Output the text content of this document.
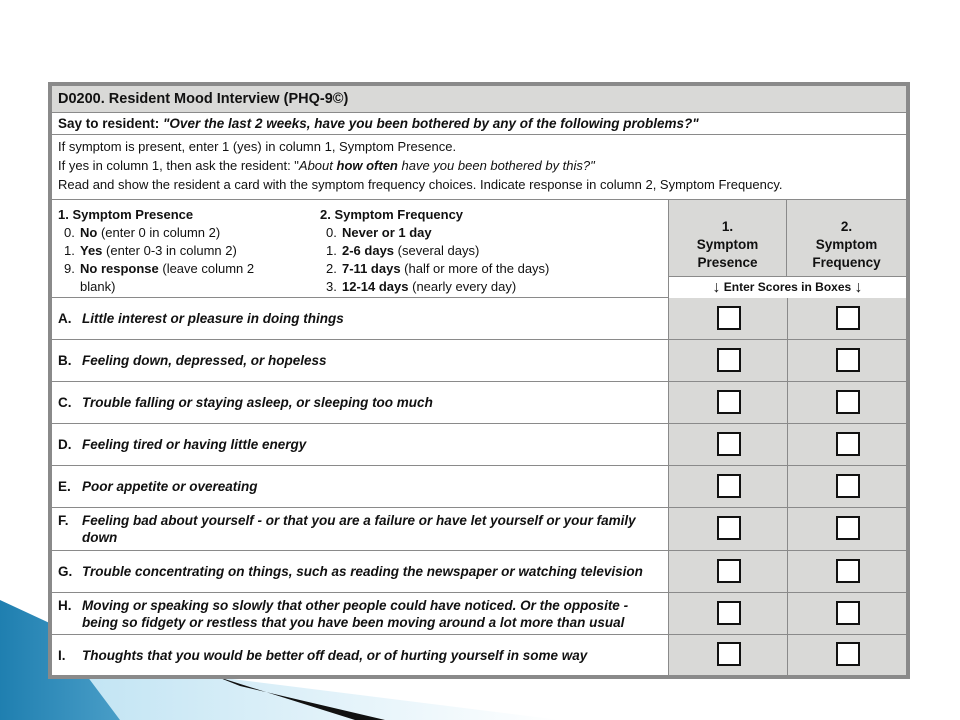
D0200. Resident Mood Interview (PHQ-9©)
Say to resident: "Over the last 2 weeks, have you been bothered by any of the following problems?"
If symptom is present, enter 1 (yes) in column 1, Symptom Presence.
If yes in column 1, then ask the resident: "About how often have you been bothered by this?"
Read and show the resident a card with the symptom frequency choices. Indicate response in column 2, Symptom Frequency.
1. Symptom Presence
0. No (enter 0 in column 2)
1. Yes (enter 0-3 in column 2)
9. No response (leave column 2
blank)
2. Symptom Frequency
0. Never or 1 day
1. 2-6 days (several days)
2. 7-11 days (half or more of the days)
3. 12-14 days (nearly every day)
1.
Symptom
Presence
2.
Symptom
Frequency
↓ Enter Scores in Boxes ↓
A. Little interest or pleasure in doing things
B. Feeling down, depressed, or hopeless
C. Trouble falling or staying asleep, or sleeping too much
D. Feeling tired or having little energy
E. Poor appetite or overeating
F. Feeling bad about yourself - or that you are a failure or have let yourself or your family down
G. Trouble concentrating on things, such as reading the newspaper or watching television
H. Moving or speaking so slowly that other people could have noticed. Or the opposite - being so fidgety or restless that you have been moving around a lot more than usual
I.	Thoughts that you would be better off dead, or of hurting yourself in some way
